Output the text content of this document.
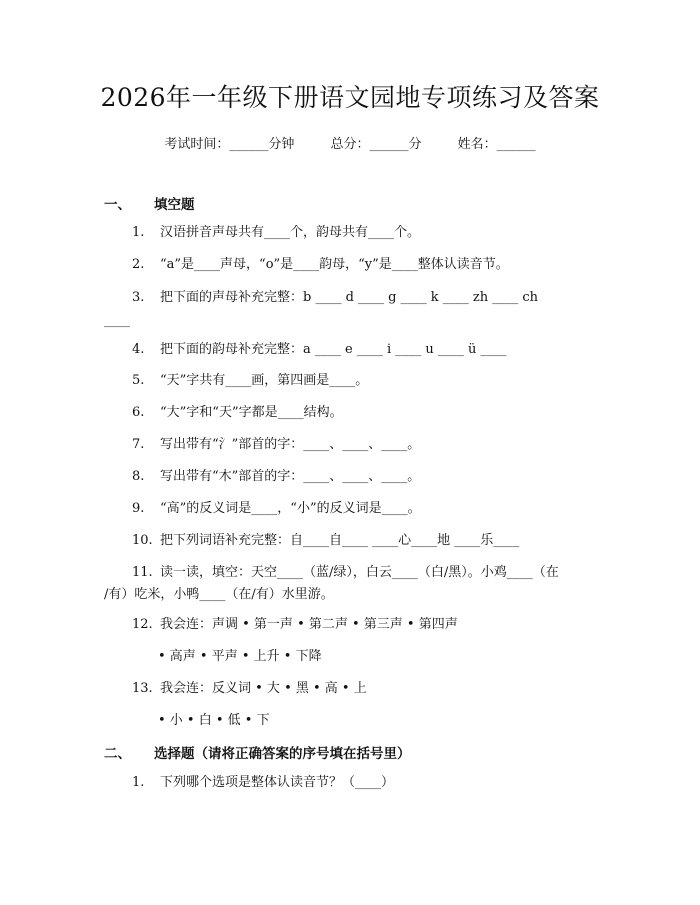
2026年一年级下册语文园地专项练习及答案
考试时间：______分钟	总分：______分	姓名：______
一、 填空题
1. 汉语拼音声母共有____个，韵母共有____个。
2. “a”是____声母，“o”是____韵母，“y”是____整体认读音节。
3. 把下面的声母补充完整：b ____ d ____ g ____ k ____ zh ____ ch
____
4. 把下面的韵母补充完整：a ____ e ____ i ____ u ____ ü ____
5. “天”字共有____画，第四画是____。
6. “大”字和“天”字都是____结构。
7. 写出带有“氵”部首的字：____、____、____。
8. 写出带有“木”部首的字：____、____、____。
9. “高”的反义词是____，“小”的反义词是____。
10. 把下列词语补充完整：自____自____ ____心____地 ____乐____
11. 读一读，填空：天空____（蓝/绿），白云____（白/黑）。小鸡____（在
/有）吃米，小鸭____（在/有）水里游。
12. 我会连：声调 • 第一声 • 第二声 • 第三声 • 第四声
• 高声 • 平声 • 上升 • 下降
13. 我会连：反义词 • 大 • 黑 • 高 • 上
• 小 • 白 • 低 • 下
二、 选择题（请将正确答案的序号填在括号里）
1. 下列哪个选项是整体认读音节？（____）
